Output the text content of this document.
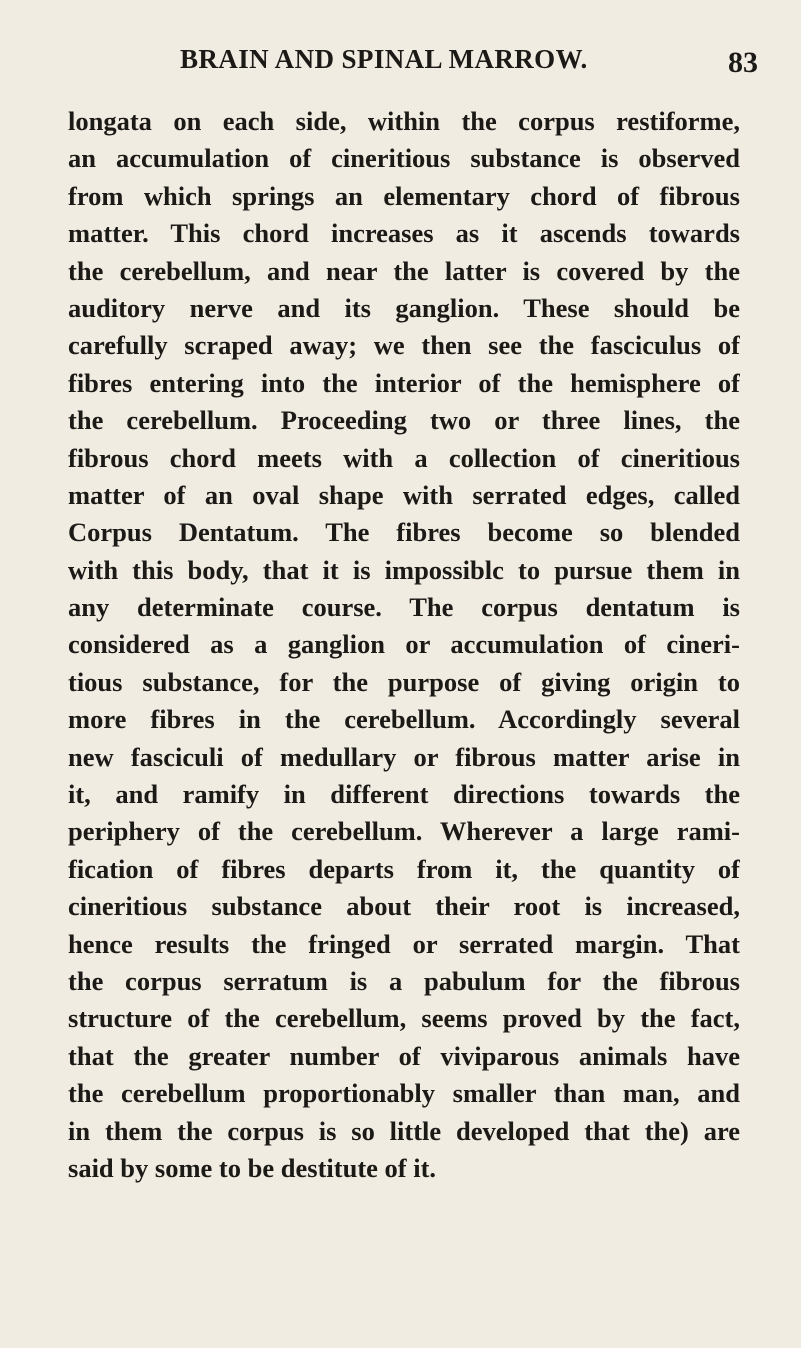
BRAIN AND SPINAL MARROW.	83
longata on each side, within the corpus restiforme,
an accumulation of cineritious substance is observed
from which springs an elementary chord of fibrous
matter. This chord increases as it ascends towards
the cerebellum, and near the latter is covered by the
auditory nerve and its ganglion. These should be
carefully scraped away; we then see the fasciculus of
fibres entering into the interior of the hemisphere of
the cerebellum. Proceeding two or three lines, the
fibrous chord meets with a collection of cineritious
matter of an oval shape with serrated edges, called
Corpus Dentatum. The fibres become so blended
with this body, that it is impossiblc to pursue them in
any determinate course. The corpus dentatum is
considered as a ganglion or accumulation of cineri-
tious substance, for the purpose of giving origin to
more fibres in the cerebellum. Accordingly several
new fasciculi of medullary or fibrous matter arise in
it, and ramify in different directions towards the
periphery of the cerebellum. Wherever a large rami-
fication of fibres departs from it, the quantity of
cineritious substance about their root is increased,
hence results the fringed or serrated margin. That
the corpus serratum is a pabulum for the fibrous
structure of the cerebellum, seems proved by the fact,
that the greater number of viviparous animals have
the cerebellum proportionably smaller than man, and
in them the corpus is so little developed that the) are
said by some to be destitute of it.
